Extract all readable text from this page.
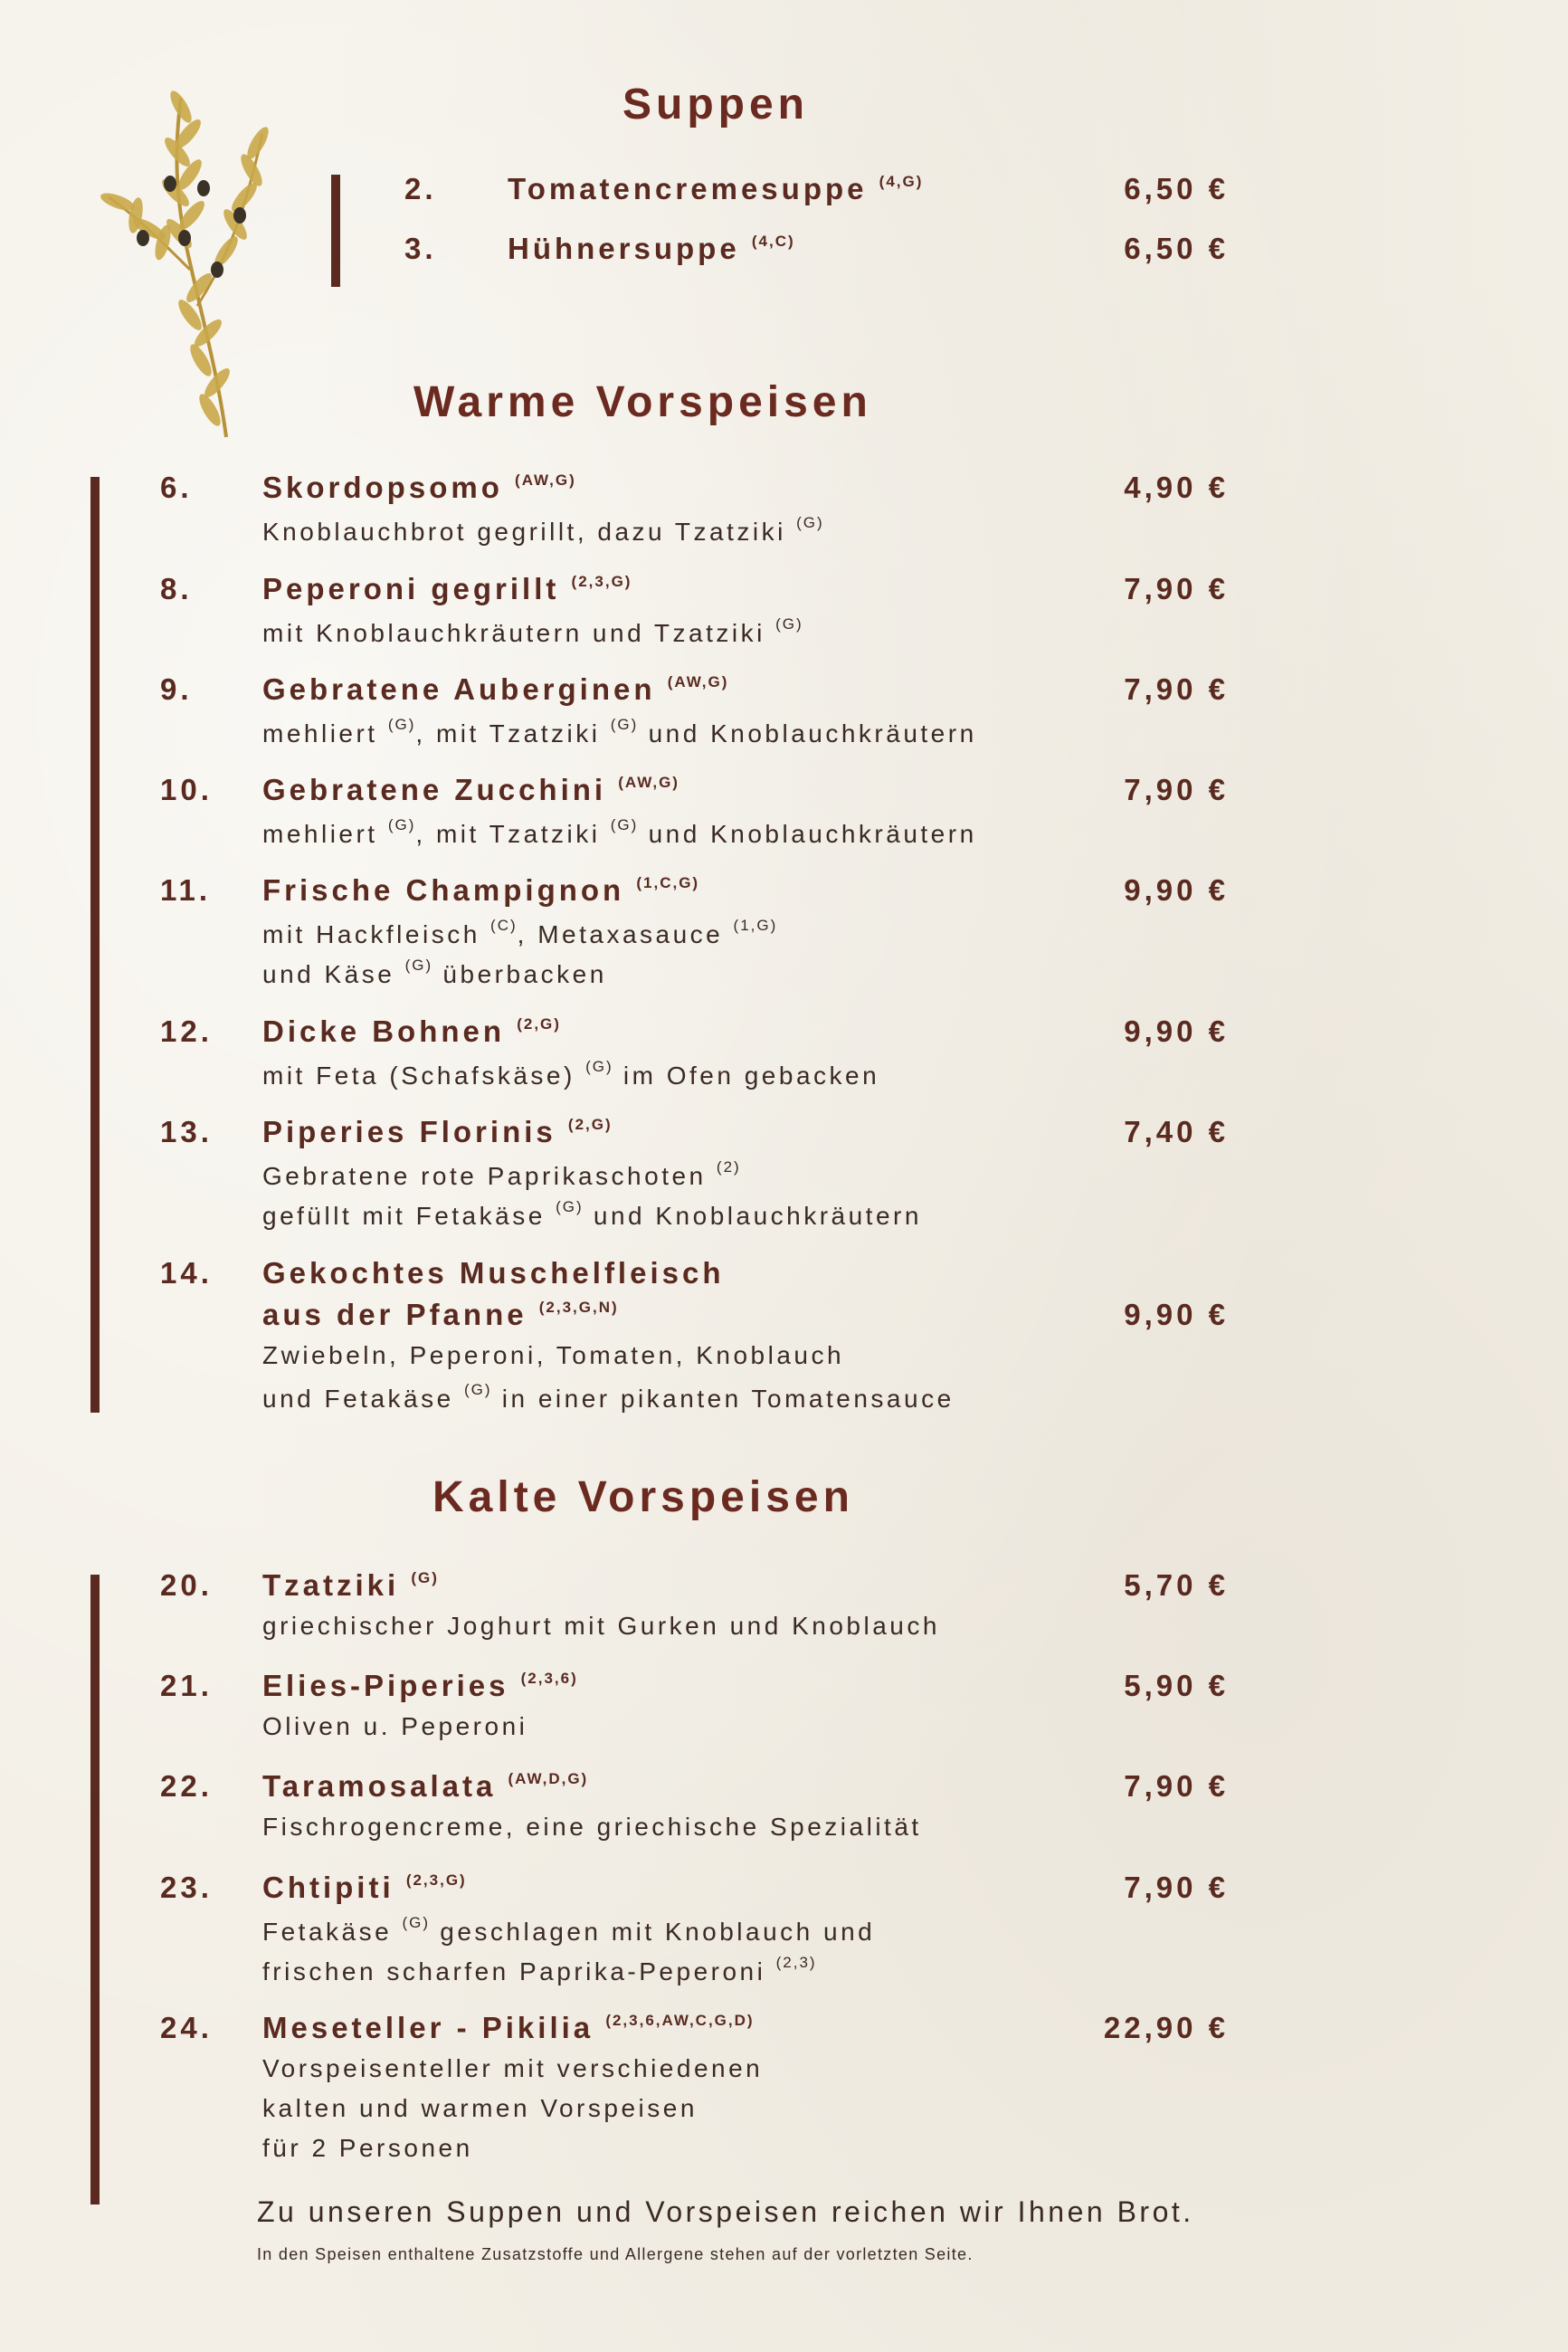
Suppen
2. Tomatencremesuppe $^{(4,G)}$	6,50 €
3. Hühnersuppe $^{(4,C)}$	6,50 €
Warme Vorspeisen
6. Skordopsomo $^{(AW,G)}$	4,90 €
Knoblauchbrot gegrillt, dazu Tzatziki $^{(G)}$
8. Peperoni gegrillt $^{(2,3,G)}$	7,90 €
mit Knoblauchkräutern und Tzatziki $^{(G)}$
9. Gebratene Auberginen $^{(AW,G)}$	7,90 €
mehliert $^{(G)}$, mit Tzatziki $^{(G)}$ und Knoblauchkräutern
10. Gebratene Zucchini $^{(AW,G)}$	7,90 €
mehliert $^{(G)}$, mit Tzatziki $^{(G)}$ und Knoblauchkräutern
11. Frische Champignon $^{(1,C,G)}$	9,90 €
mit Hackfleisch $^{(C)}$, Metaxasauce $^{(1,G)}$
und Käse $^{(G)}$ überbacken
12. Dicke Bohnen $^{(2,G)}$	9,90 €
mit Feta (Schafskäse) $^{(G)}$ im Ofen gebacken
13. Piperies Florinis $^{(2,G)}$	7,40 €
Gebratene rote Paprikaschoten $^{(2)}$
gefüllt mit Fetakäse $^{(G)}$ und Knoblauchkräutern
14. Gekochtes Muschelfleisch
aus der Pfanne $^{(2,3,G,N)}$	9,90 €
Zwiebeln, Peperoni, Tomaten, Knoblauch
und Fetakäse $^{(G)}$ in einer pikanten Tomatensauce
Kalte Vorspeisen
20. Tzatziki $^{(G)}$	5,70 €
griechischer Joghurt mit Gurken und Knoblauch
21. Elies-Piperies $^{(2,3,6)}$	5,90 €
Oliven u. Peperoni
22. Taramosalata $^{(AW,D,G)}$	7,90 €
Fischrogencreme, eine griechische Spezialität
23. Chtipiti $^{(2,3,G)}$	7,90 €
Fetakäse $^{(G)}$ geschlagen mit Knoblauch und
frischen scharfen Paprika-Peperoni $^{(2,3)}$
24. Meseteller - Pikilia $^{(2,3,6,AW,C,G,D)}$	22,90 €
Vorspeisenteller mit verschiedenen
kalten und warmen Vorspeisen
für 2 Personen
Zu unseren Suppen und Vorspeisen reichen wir Ihnen Brot.
In den Speisen enthaltene Zusatzstoffe und Allergene stehen auf der vorletzten Seite.
